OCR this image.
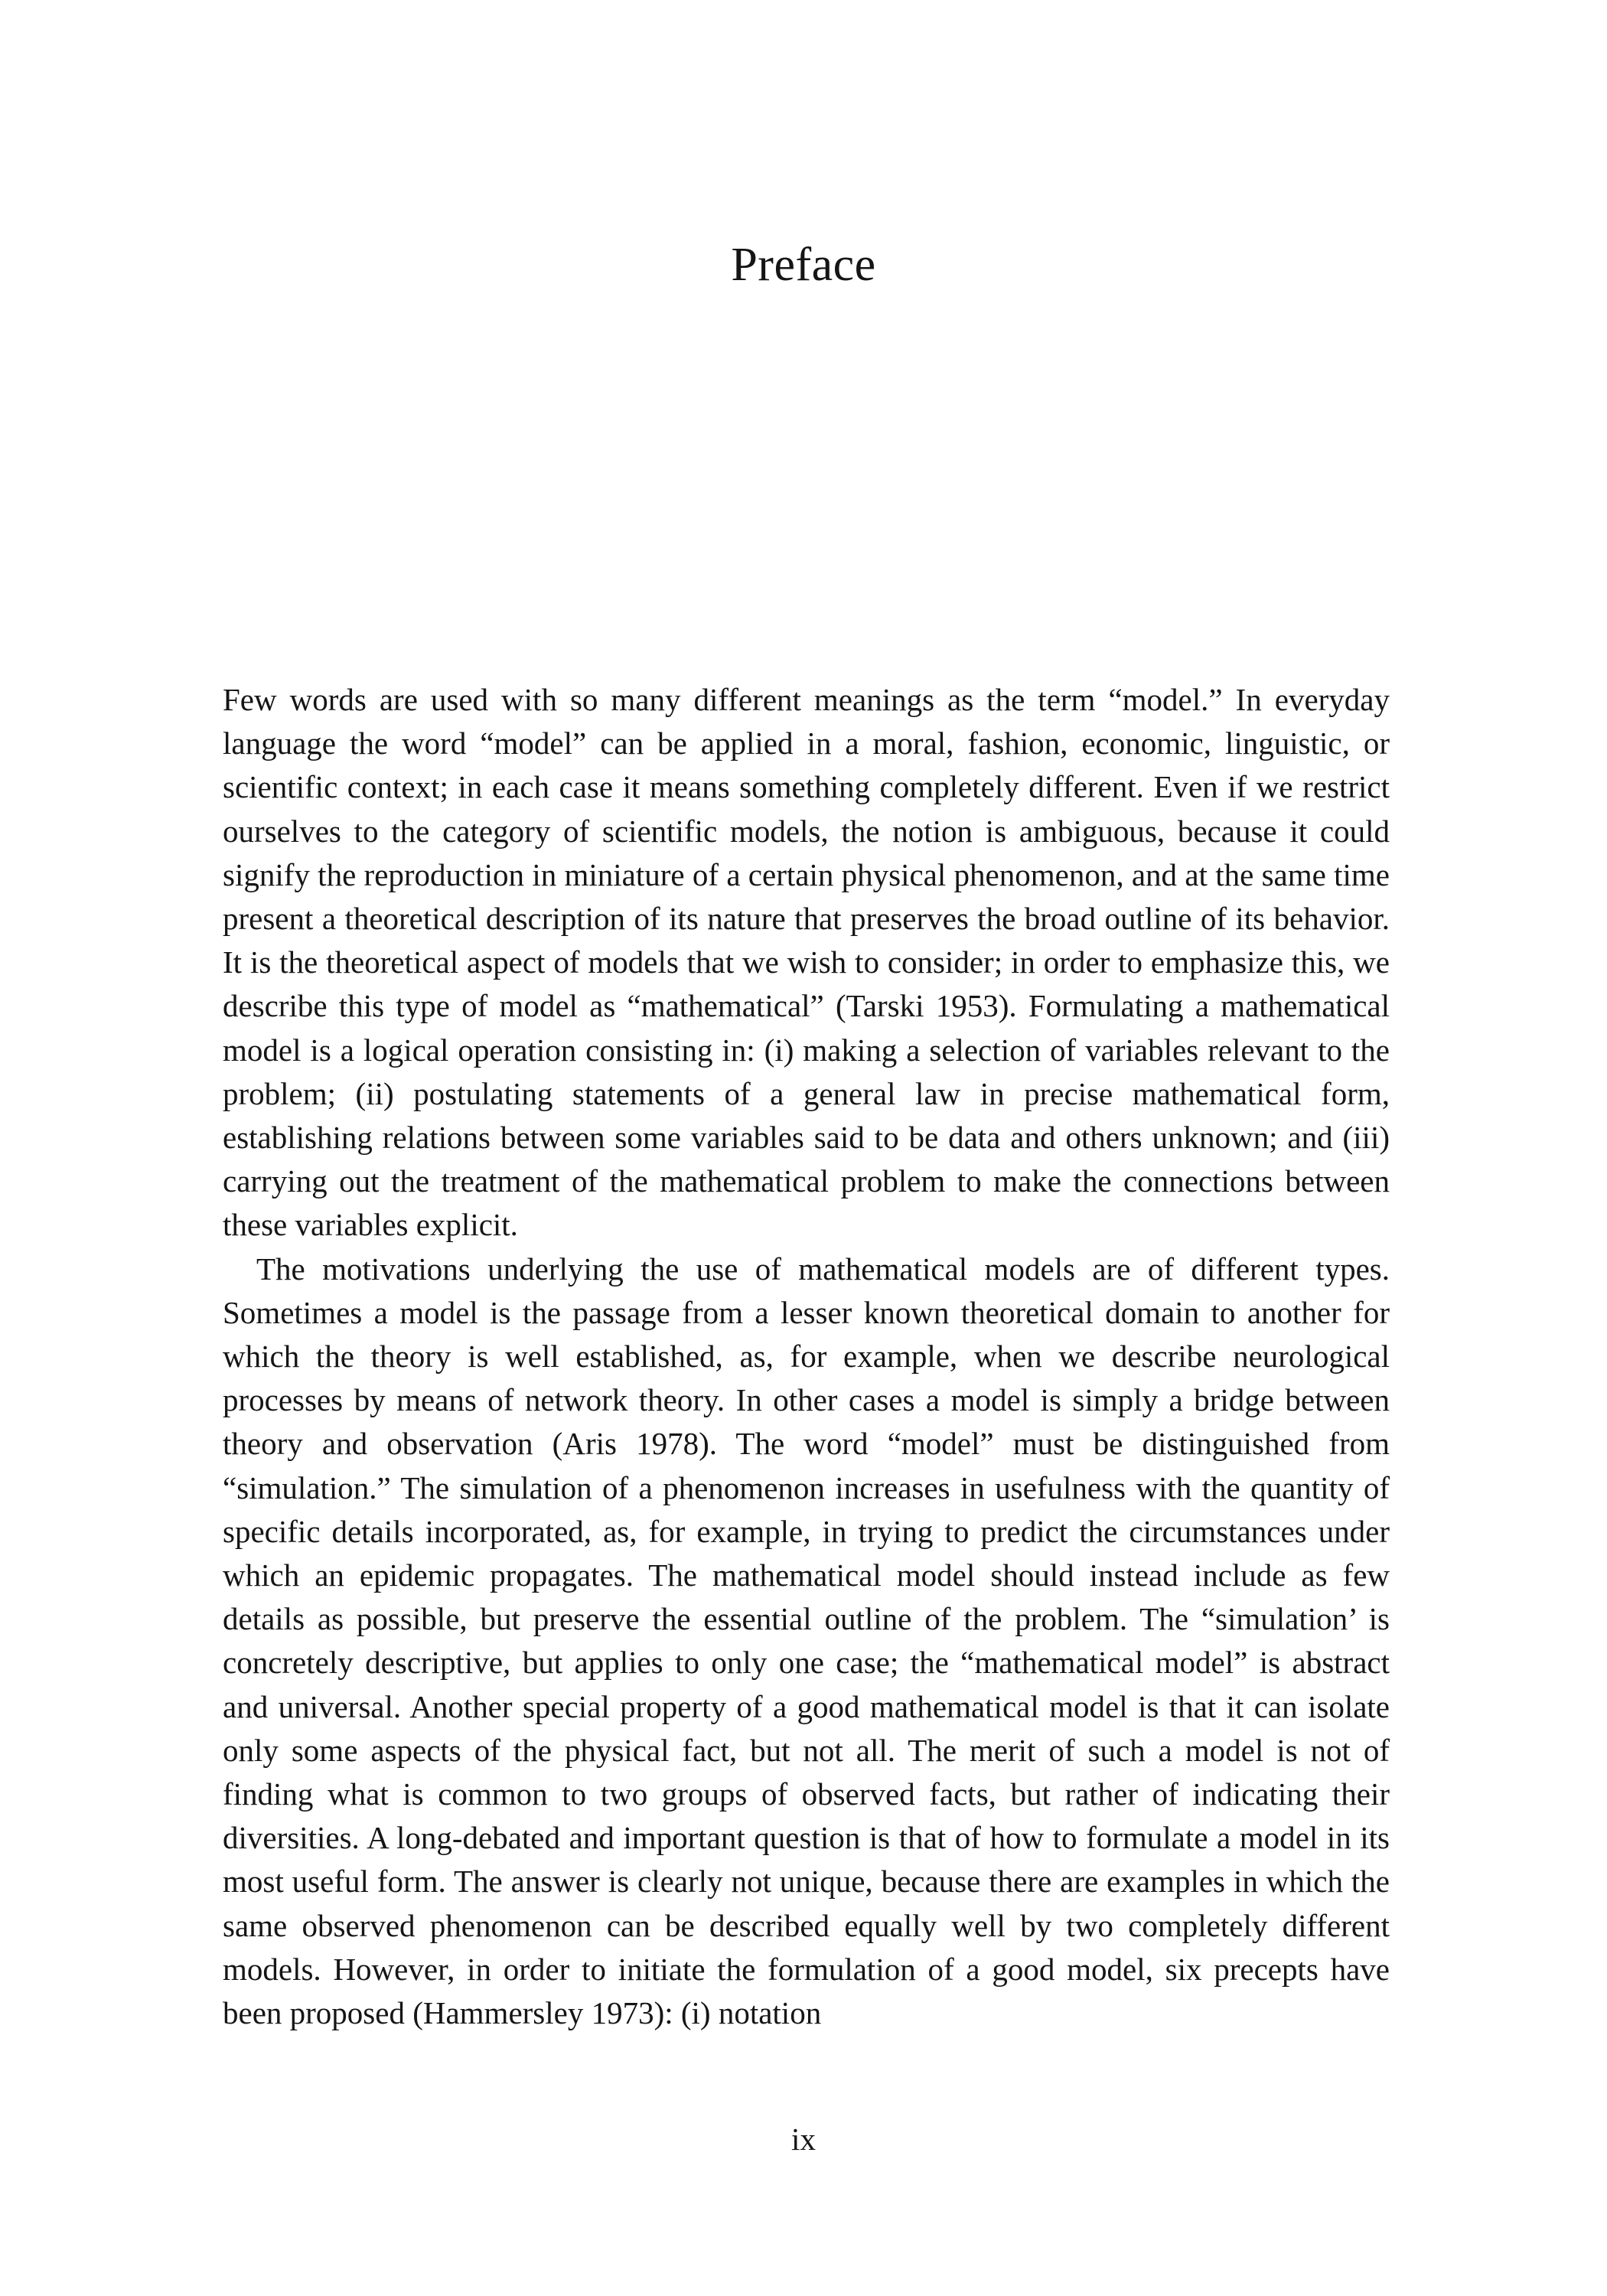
Preface

Few words are used with so many different meanings as the term “model.” In everyday language the word “model” can be applied in a moral, fashion, economic, linguistic, or scientific context; in each case it means something completely different. Even if we restrict ourselves to the category of scientific models, the notion is ambiguous, because it could signify the reproduction in miniature of a certain physical phenomenon, and at the same time present a theoretical description of its nature that preserves the broad outline of its behavior. It is the theoretical aspect of models that we wish to consider; in order to emphasize this, we describe this type of model as “mathematical” (Tarski 1953). Formulating a mathematical model is a logical operation consisting in: (i) making a selection of variables relevant to the problem; (ii) postulating statements of a general law in precise mathematical form, establishing relations between some variables said to be data and others unknown; and (iii) carrying out the treatment of the mathematical problem to make the connections between these variables explicit.

The motivations underlying the use of mathematical models are of different types. Sometimes a model is the passage from a lesser known theoretical domain to another for which the theory is well established, as, for example, when we describe neurological processes by means of network theory. In other cases a model is simply a bridge between theory and observation (Aris 1978). The word “model” must be distinguished from “simulation.” The simulation of a phenomenon increases in usefulness with the quantity of specific details incorporated, as, for example, in trying to predict the circumstances under which an epidemic propagates. The mathematical model should instead include as few details as possible, but preserve the essential outline of the problem. The “simulation’ is concretely descriptive, but applies to only one case; the “mathematical model” is abstract and universal. Another special property of a good mathematical model is that it can isolate only some aspects of the physical fact, but not all. The merit of such a model is not of finding what is common to two groups of observed facts, but rather of indicating their diversities. A long-debated and important question is that of how to formulate a model in its most useful form. The answer is clearly not unique, because there are examples in which the same observed phenomenon can be described equally well by two completely different models. However, in order to initiate the formulation of a good model, six precepts have been proposed (Hammersley 1973): (i) notation

ix
